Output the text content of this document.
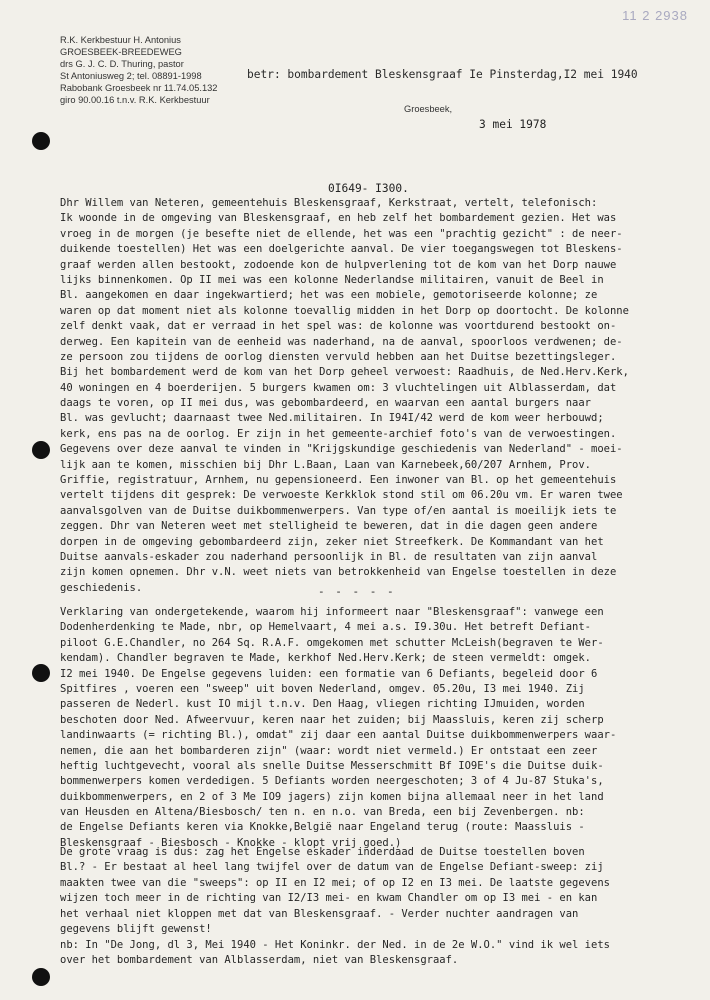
11 2 2938
R.K. Kerkbestuur H. Antonius
GROESBEEK-BREEDEWEG
drs G. J. C. D. Thuring, pastor
St Antoniusweg 2; tel. 08891-1998
Rabobank Groesbeek nr 11.74.05.132
giro 90.00.16 t.n.v. R.K. Kerkbestuur
betr: bombardement Bleskensgraaf Ie Pinsterdag,I2 mei 1940
Groesbeek,
3 mei 1978
0I649- I300.
Dhr Willem van Neteren, gemeentehuis Bleskensgraaf, Kerkstraat, vertelt, telefonisch:
Ik woonde in de omgeving van Bleskensgraaf, en heb zelf het bombardement gezien. Het was
vroeg in de morgen (je besefte niet de ellende, het was een "prachtig gezicht" : de neer-
duikende toestellen) Het was een doelgerichte aanval. De vier toegangswegen tot Bleskens-
graaf werden allen bestookt, zodoende kon de hulpverlening tot de kom van het Dorp nauwe
lijks binnenkomen. Op II mei was een kolonne Nederlandse militairen, vanuit de Beel in
Bl. aangekomen en daar ingekwartierd; het was een mobiele, gemotoriseerde kolonne; ze
waren op dat moment niet als kolonne toevallig midden in het Dorp op doortocht. De kolonne
zelf denkt vaak, dat er verraad in het spel was: de kolonne was voortdurend bestookt on-
derweg. Een kapitein van de eenheid was naderhand, na de aanval, spoorloos verdwenen; de-
ze persoon zou tijdens de oorlog diensten vervuld hebben aan het Duitse bezettingsleger.
Bij het bombardement werd de kom van het Dorp geheel verwoest: Raadhuis, de Ned.Herv.Kerk,
40 woningen en 4 boerderijen. 5 burgers kwamen om: 3 vluchtelingen uit Alblasserdam, dat
daags te voren, op II mei dus, was gebombardeerd, en waarvan een aantal burgers naar
Bl. was gevlucht; daarnaast twee Ned.militairen. In I94I/42 werd de kom weer herbouwd;
kerk, ens pas na de oorlog. Er zijn in het gemeente-archief foto's van de verwoestingen.
Gegevens over deze aanval te vinden in "Krijgskundige geschiedenis van Nederland" - moei-
lijk aan te komen, misschien bij Dhr L.Baan, Laan van Karnebeek,60/207 Arnhem, Prov.
Griffie, registratuur, Arnhem, nu gepensioneerd. Een inwoner van Bl. op het gemeentehuis
vertelt tijdens dit gesprek: De verwoeste Kerkklok stond stil om 06.20u vm. Er waren twee
aanvalsgolven van de Duitse duikbommenwerpers. Van type of/en aantal is moeilijk iets te
zeggen. Dhr van Neteren weet met stelligheid te beweren, dat in die dagen geen andere
dorpen in de omgeving gebombardeerd zijn, zeker niet Streefkerk. De Kommandant van het
Duitse aanvals-eskader zou naderhand persoonlijk in Bl. de resultaten van zijn aanval
zijn komen opnemen. Dhr v.N. weet niets van betrokkenheid van Engelse toestellen in deze
geschiedenis.	- - - - -
Verklaring van ondergetekende, waarom hij informeert naar "Bleskensgraaf": vanwege een
Dodenherdenking te Made, nbr, op Hemelvaart, 4 mei a.s. I9.30u. Het betreft Defiant-
piloot G.E.Chandler, no 264 Sq. R.A.F. omgekomen met schutter McLeish(begraven te Wer-
kendam). Chandler begraven te Made, kerkhof Ned.Herv.Kerk; de steen vermeldt: omgek.
I2 mei 1940. De Engelse gegevens luiden: een formatie van 6 Defiants, begeleid door 6
Spitfires , voeren een "sweep" uit boven Nederland, omgev. 05.20u, I3 mei 1940. Zij
passeren de Nederl. kust IO mijl t.n.v. Den Haag, vliegen richting IJmuiden, worden
beschoten door Ned. Afweervuur, keren naar het zuiden; bij Maassluis, keren zij scherp
landinwaarts (= richting Bl.), omdat" zij daar een aantal Duitse duikbommenwerpers waar-
nemen, die aan het bombarderen zijn" (waar: wordt niet vermeld.) Er ontstaat een zeer
heftig luchtgevecht, vooral als snelle Duitse Messerschmitt Bf IO9E's die Duitse duik-
bommenwerpers komen verdedigen. 5 Defiants worden neergeschoten; 3 of 4 Ju-87 Stuka's,
duikbommenwerpers, en 2 of 3 Me IO9 jagers) zijn komen bijna allemaal neer in het land
van Heusden en Altena/Biesbosch/ ten n. en n.o. van Breda, een bij Zevenbergen. nb:
de Engelse Defiants keren via Knokke,België naar Engeland terug (route: Maassluis -
Bleskensgraaf - Biesbosch - Knokke - klopt vrij goed.)
De grote vraag is dus: zag het Engelse eskader inderdaad de Duitse toestellen boven
Bl.? - Er bestaat al heel lang twijfel over de datum van de Engelse Defiant-sweep: zij
maakten twee van die "sweeps": op II en I2 mei; of op I2 en I3 mei. De laatste gegevens
wijzen toch meer in de richting van I2/I3 mei- en kwam Chandler om op I3 mei - en kan
het verhaal niet kloppen met dat van Bleskensgraaf. - Verder nuchter aandragen van
gegevens blijft gewenst!
nb: In "De Jong, dl 3, Mei 1940 - Het Koninkr. der Ned. in de 2e W.O." vind ik wel iets
over het bombardement van Alblasserdam, niet van Bleskensgraaf.
